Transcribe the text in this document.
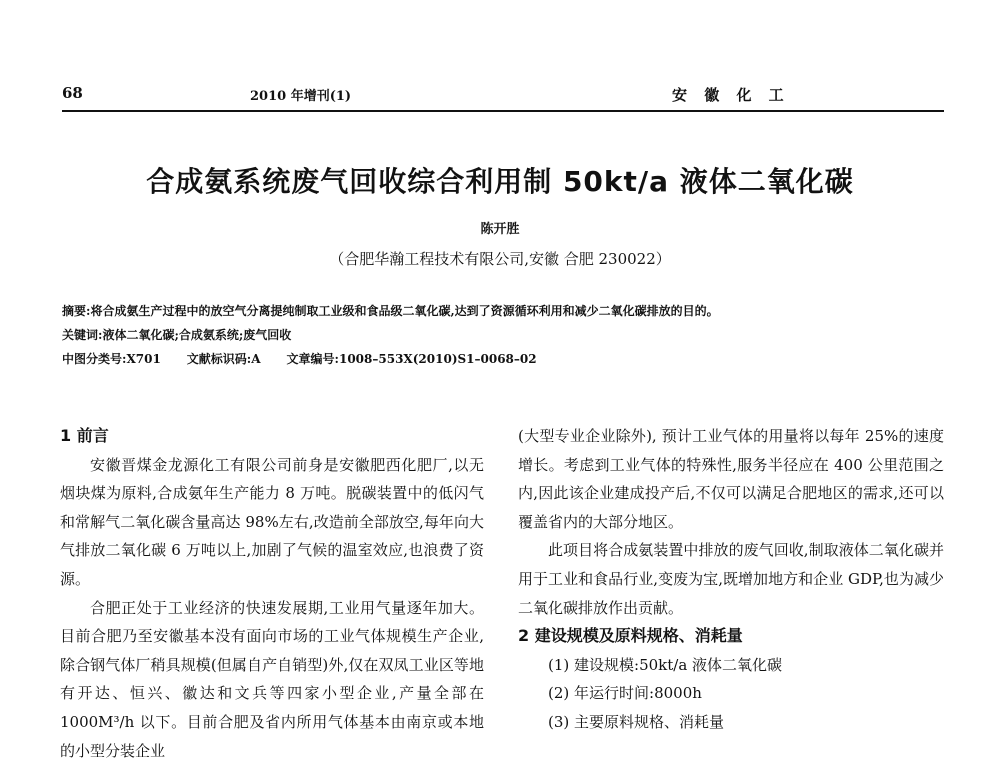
68	2010 年增刊(1)	安 徽 化 工
合成氨系统废气回收综合利用制 50kt/a 液体二氧化碳
陈开胜
（合肥华瀚工程技术有限公司,安徽 合肥 230022）
摘要:将合成氨生产过程中的放空气分离提纯制取工业级和食品级二氧化碳,达到了资源循环利用和减少二氧化碳排放的目的。
关键词:液体二氧化碳;合成氨系统;废气回收
中图分类号:X701 文献标识码:A 文章编号:1008–553X(2010)S1–0068–02
1 前言

安徽晋煤金龙源化工有限公司前身是安徽肥西化肥厂,以无烟块煤为原料,合成氨年生产能力 8 万吨。脱碳装置中的低闪气和常解气二氧化碳含量高达 98%左右,改造前全部放空,每年向大气排放二氧化碳 6 万吨以上,加剧了气候的温室效应,也浪费了资源。

合肥正处于工业经济的快速发展期,工业用气量逐年加大。目前合肥乃至安徽基本没有面向市场的工业气体规模生产企业,除合钢气体厂稍具规模(但属自产自销型)外,仅在双凤工业区等地有开达、恒兴、徽达和文兵等四家小型企业,产量全部在 1000M³/h 以下。目前合肥及省内所用气体基本由南京或本地的小型分装企业

(大型专业企业除外), 预计工业气体的用量将以每年 25%的速度增长。考虑到工业气体的特殊性,服务半径应在 400 公里范围之内,因此该企业建成投产后,不仅可以满足合肥地区的需求,还可以覆盖省内的大部分地区。

此项目将合成氨装置中排放的废气回收,制取液体二氧化碳并用于工业和食品行业,变废为宝,既增加地方和企业 GDP,也为减少二氧化碳排放作出贡献。

2 建设规模及原料规格、消耗量
(1) 建设规模:50kt/a 液体二氧化碳
(2) 年运行时间:8000h
(3) 主要原料规格、消耗量
